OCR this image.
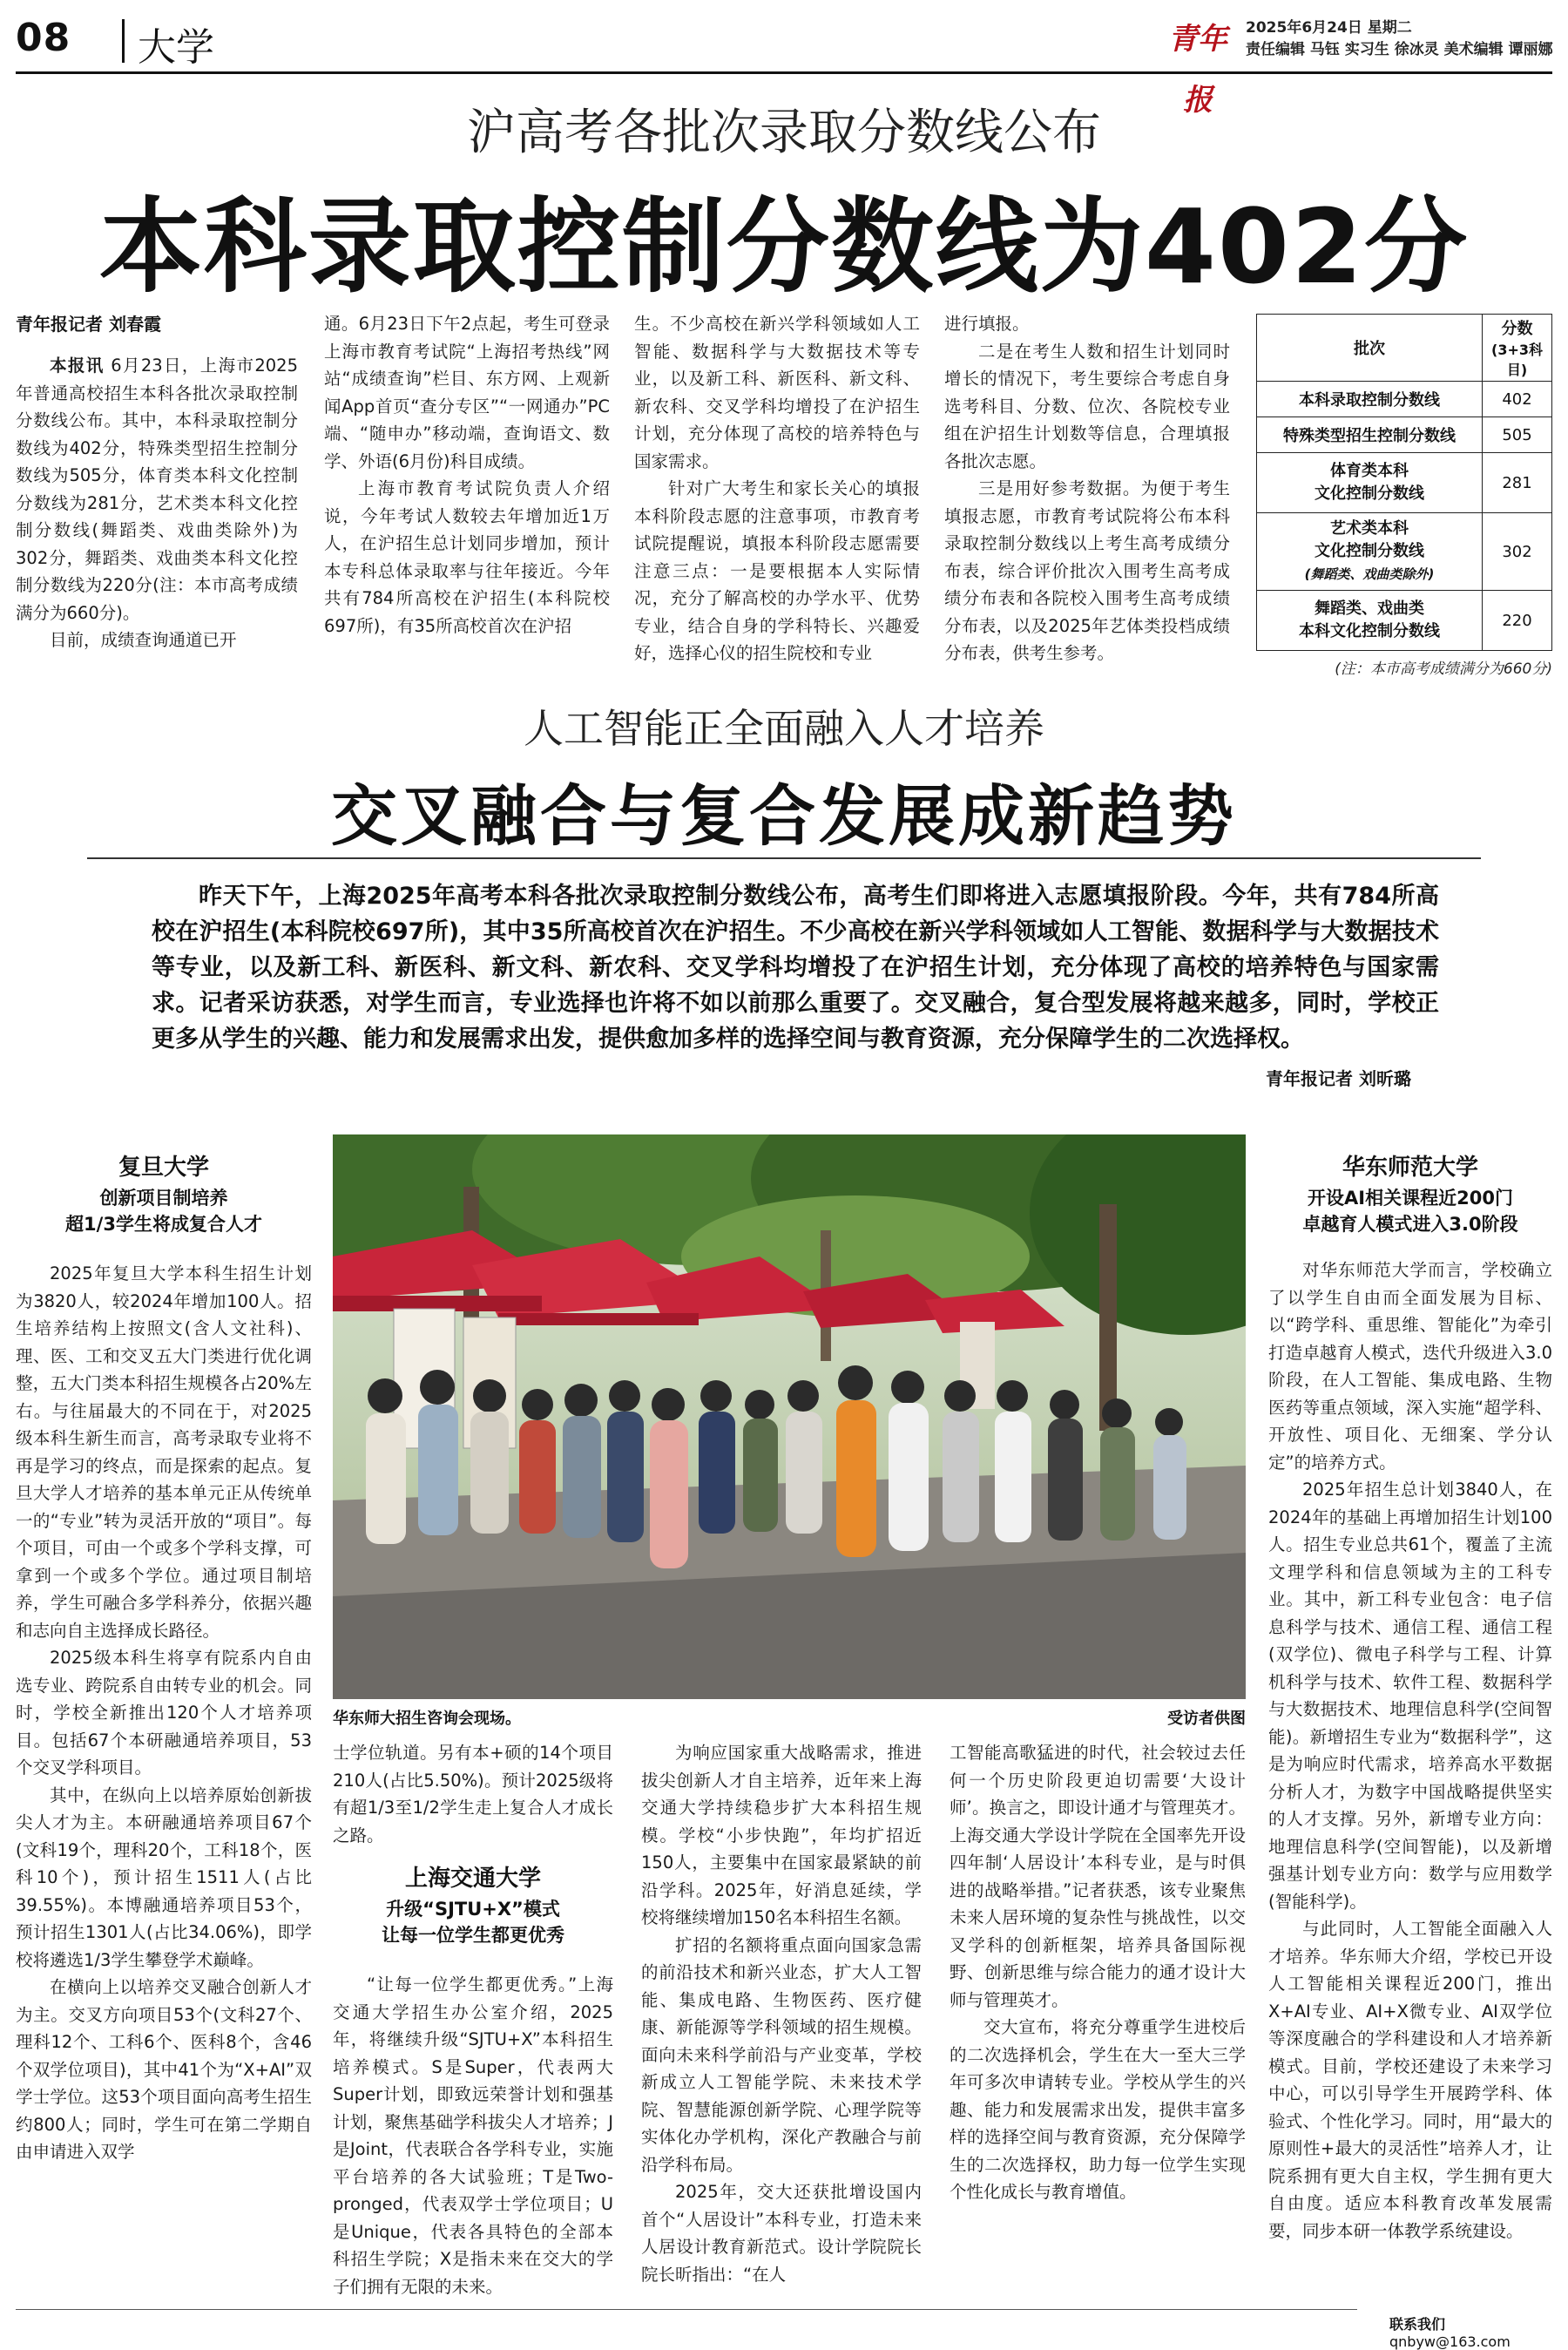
08 大学	青年报
2025年6月24日 星期二
责任编辑 马钰 实习生 徐冰灵 美术编辑 谭丽娜
沪高考各批次录取分数线公布
本科录取控制分数线为402分
青年报记者 刘春霞

本报讯 6月23日，上海市2025年普通高校招生本科各批次录取控制分数线公布。其中，本科录取控制分数线为402分，特殊类型招生控制分数线为505分，体育类本科文化控制分数线为281分，艺术类本科文化控制分数线(舞蹈类、戏曲类除外)为302分，舞蹈类、戏曲类本科文化控制分数线为220分(注：本市高考成绩满分为660分)。

目前，成绩查询通道已开

通。6月23日下午2点起，考生可登录上海市教育考试院“上海招考热线”网站“成绩查询”栏目、东方网、上观新闻App首页“查分专区”“一网通办”PC端、“随申办”移动端，查询语文、数学、外语(6月份)科目成绩。

上海市教育考试院负责人介绍说，今年考试人数较去年增加近1万人，在沪招生总计划同步增加，预计本专科总体录取率与往年接近。今年共有784所高校在沪招生(本科院校697所)，有35所高校首次在沪招

生。不少高校在新兴学科领域如人工智能、数据科学与大数据技术等专业，以及新工科、新医科、新文科、新农科、交叉学科均增投了在沪招生计划，充分体现了高校的培养特色与国家需求。

针对广大考生和家长关心的填报本科阶段志愿的注意事项，市教育考试院提醒说，填报本科阶段志愿需要注意三点：一是要根据本人实际情况，充分了解高校的办学水平、优势专业，结合自身的学科特长、兴趣爱好，选择心仪的招生院校和专业

进行填报。

二是在考生人数和招生计划同时增长的情况下，考生要综合考虑自身选考科目、分数、位次、各院校专业组在沪招生计划数等信息，合理填报各批次志愿。

三是用好参考数据。为便于考生填报志愿，市教育考试院将公布本科录取控制分数线以上考生高考成绩分布表，综合评价批次入围考生高考成绩分布表和各院校入围考生高考成绩分布表，以及2025年艺体类投档成绩分布表，供考生参考。

批次	分数
(3+3科目)

本科录取控制分数线	402
特殊类型招生控制分数线	505
体育类本科
文化控制分数线	281

艺术类本科
文化控制分数线
(舞蹈类、戏曲类除外)	302
舞蹈类、戏曲类
本科文化控制分数线	220
(注：本市高考成绩满分为660分)
人工智能正全面融入人才培养
交叉融合与复合发展成新趋势
昨天下午，上海2025年高考本科各批次录取控制分数线公布，高考生们即将进入志愿填报阶段。今年，共有784所高校在沪招生(本科院校697所)，其中35所高校首次在沪招生。不少高校在新兴学科领域如人工智能、数据科学与大数据技术等专业，以及新工科、新医科、新文科、新农科、交叉学科均增投了在沪招生计划，充分体现了高校的培养特色与国家需求。记者采访获悉，对学生而言，专业选择也许将不如以前那么重要了。交叉融合，复合型发展将越来越多，同时，学校正更多从学生的兴趣、能力和发展需求出发，提供愈加多样的选择空间与教育资源，充分保障学生的二次选择权。
青年报记者 刘昕璐
复旦大学
创新项目制培养
超1/3学生将成复合人才

2025年复旦大学本科生招生计划为3820人，较2024年增加100人。招生培养结构上按照文(含人文社科)、理、医、工和交叉五大门类进行优化调整，五大门类本科招生规模各占20%左右。与往届最大的不同在于，对2025级本科生新生而言，高考录取专业将不再是学习的终点，而是探索的起点。复旦大学人才培养的基本单元正从传统单一的“专业”转为灵活开放的“项目”。每个项目，可由一个或多个学科支撑，可拿到一个或多个学位。通过项目制培养，学生可融合多学科养分，依据兴趣和志向自主选择成长路径。

2025级本科生将享有院系内自由选专业、跨院系自由转专业的机会。同时，学校全新推出120个人才培养项目。包括67个本研融通培养项目，53个交叉学科项目。

其中，在纵向上以培养原始创新拔尖人才为主。本研融通培养项目67个(文科19个，理科20个，工科18个，医科10个)，预计招生1511人(占比39.55%)。本博融通培养项目53个，预计招生1301人(占比34.06%)，即学校将遴选1/3学生攀登学术巅峰。

在横向上以培养交叉融合创新人才为主。交叉方向项目53个(文科27个、理科12个、工科6个、医科8个，含46个双学位项目)，其中41个为“X+AI”双学士学位。这53个项目面向高考生招生约800人；同时，学生可在第二学期自由申请进入双学

华东师大招生咨询会现场。	受访者供图

士学位轨道。另有本+硕的14个项目210人(占比5.50%)。预计2025级将有超1/3至1/2学生走上复合人才成长之路。

上海交通大学
升级“SJTU+X”模式
让每一位学生都更优秀

“让每一位学生都更优秀。”上海交通大学招生办公室介绍，2025年，将继续升级“SJTU+X”本科招生培养模式。S是Super，代表两大Super计划，即致远荣誉计划和强基计划，聚焦基础学科拔尖人才培养；J是Joint，代表联合各学科专业，实施平台培养的各大试验班；T是Two-pronged，代表双学士学位项目；U是Unique，代表各具特色的全部本科招生学院；X是指未来在交大的学子们拥有无限的未来。

为响应国家重大战略需求，推进拔尖创新人才自主培养，近年来上海交通大学持续稳步扩大本科招生规模。学校“小步快跑”，年均扩招近150人，主要集中在国家最紧缺的前沿学科。2025年，好消息延续，学校将继续增加150名本科招生名额。

扩招的名额将重点面向国家急需的前沿技术和新兴业态，扩大人工智能、集成电路、生物医药、医疗健康、新能源等学科领域的招生规模。面向未来科学前沿与产业变革，学校新成立人工智能学院、未来技术学院、智慧能源创新学院、心理学院等实体化办学机构，深化产教融合与前沿学科布局。

2025年，交大还获批增设国内首个“人居设计”本科专业，打造未来人居设计教育新范式。设计学院院长院长昕指出：“在人

工智能高歌猛进的时代，社会较过去任何一个历史阶段更迫切需要‘大设计师’。换言之，即设计通才与管理英才。上海交通大学设计学院在全国率先开设四年制‘人居设计’本科专业，是与时俱进的战略举措。”记者获悉，该专业聚焦未来人居环境的复杂性与挑战性，以交叉学科的创新框架，培养具备国际视野、创新思维与综合能力的通才设计大师与管理英才。

交大宣布，将充分尊重学生进校后的二次选择机会，学生在大一至大三学年可多次申请转专业。学校从学生的兴趣、能力和发展需求出发，提供丰富多样的选择空间与教育资源，充分保障学生的二次选择权，助力每一位学生实现个性化成长与教育增值。

华东师范大学
开设AI相关课程近200门
卓越育人模式进入3.0阶段

对华东师范大学而言，学校确立了以学生自由而全面发展为目标、以“跨学科、重思维、智能化”为牵引打造卓越育人模式，迭代升级进入3.0阶段，在人工智能、集成电路、生物医药等重点领域，深入实施“超学科、开放性、项目化、无细案、学分认定”的培养方式。

2025年招生总计划3840人，在2024年的基础上再增加招生计划100人。招生专业总共61个，覆盖了主流文理学科和信息领域为主的工科专业。其中，新工科专业包含：电子信息科学与技术、通信工程、通信工程(双学位)、微电子科学与工程、计算机科学与技术、软件工程、数据科学与大数据技术、地理信息科学(空间智能)。新增招生专业为“数据科学”，这是为响应时代需求，培养高水平数据分析人才，为数字中国战略提供坚实的人才支撑。另外，新增专业方向：地理信息科学(空间智能)，以及新增强基计划专业方向：数学与应用数学(智能科学)。

与此同时，人工智能全面融入人才培养。华东师大介绍，学校已开设人工智能相关课程近200门，推出X+AI专业、AI+X微专业、AI双学位等深度融合的学科建设和人才培养新模式。目前，学校还建设了未来学习中心，可以引导学生开展跨学科、体验式、个性化学习。同时，用“最大的原则性+最大的灵活性”培养人才，让院系拥有更大自主权，学生拥有更大自由度。适应本科教育改革发展需要，同步本研一体教学系统建设。

联系我们 qnbyw@163.com
